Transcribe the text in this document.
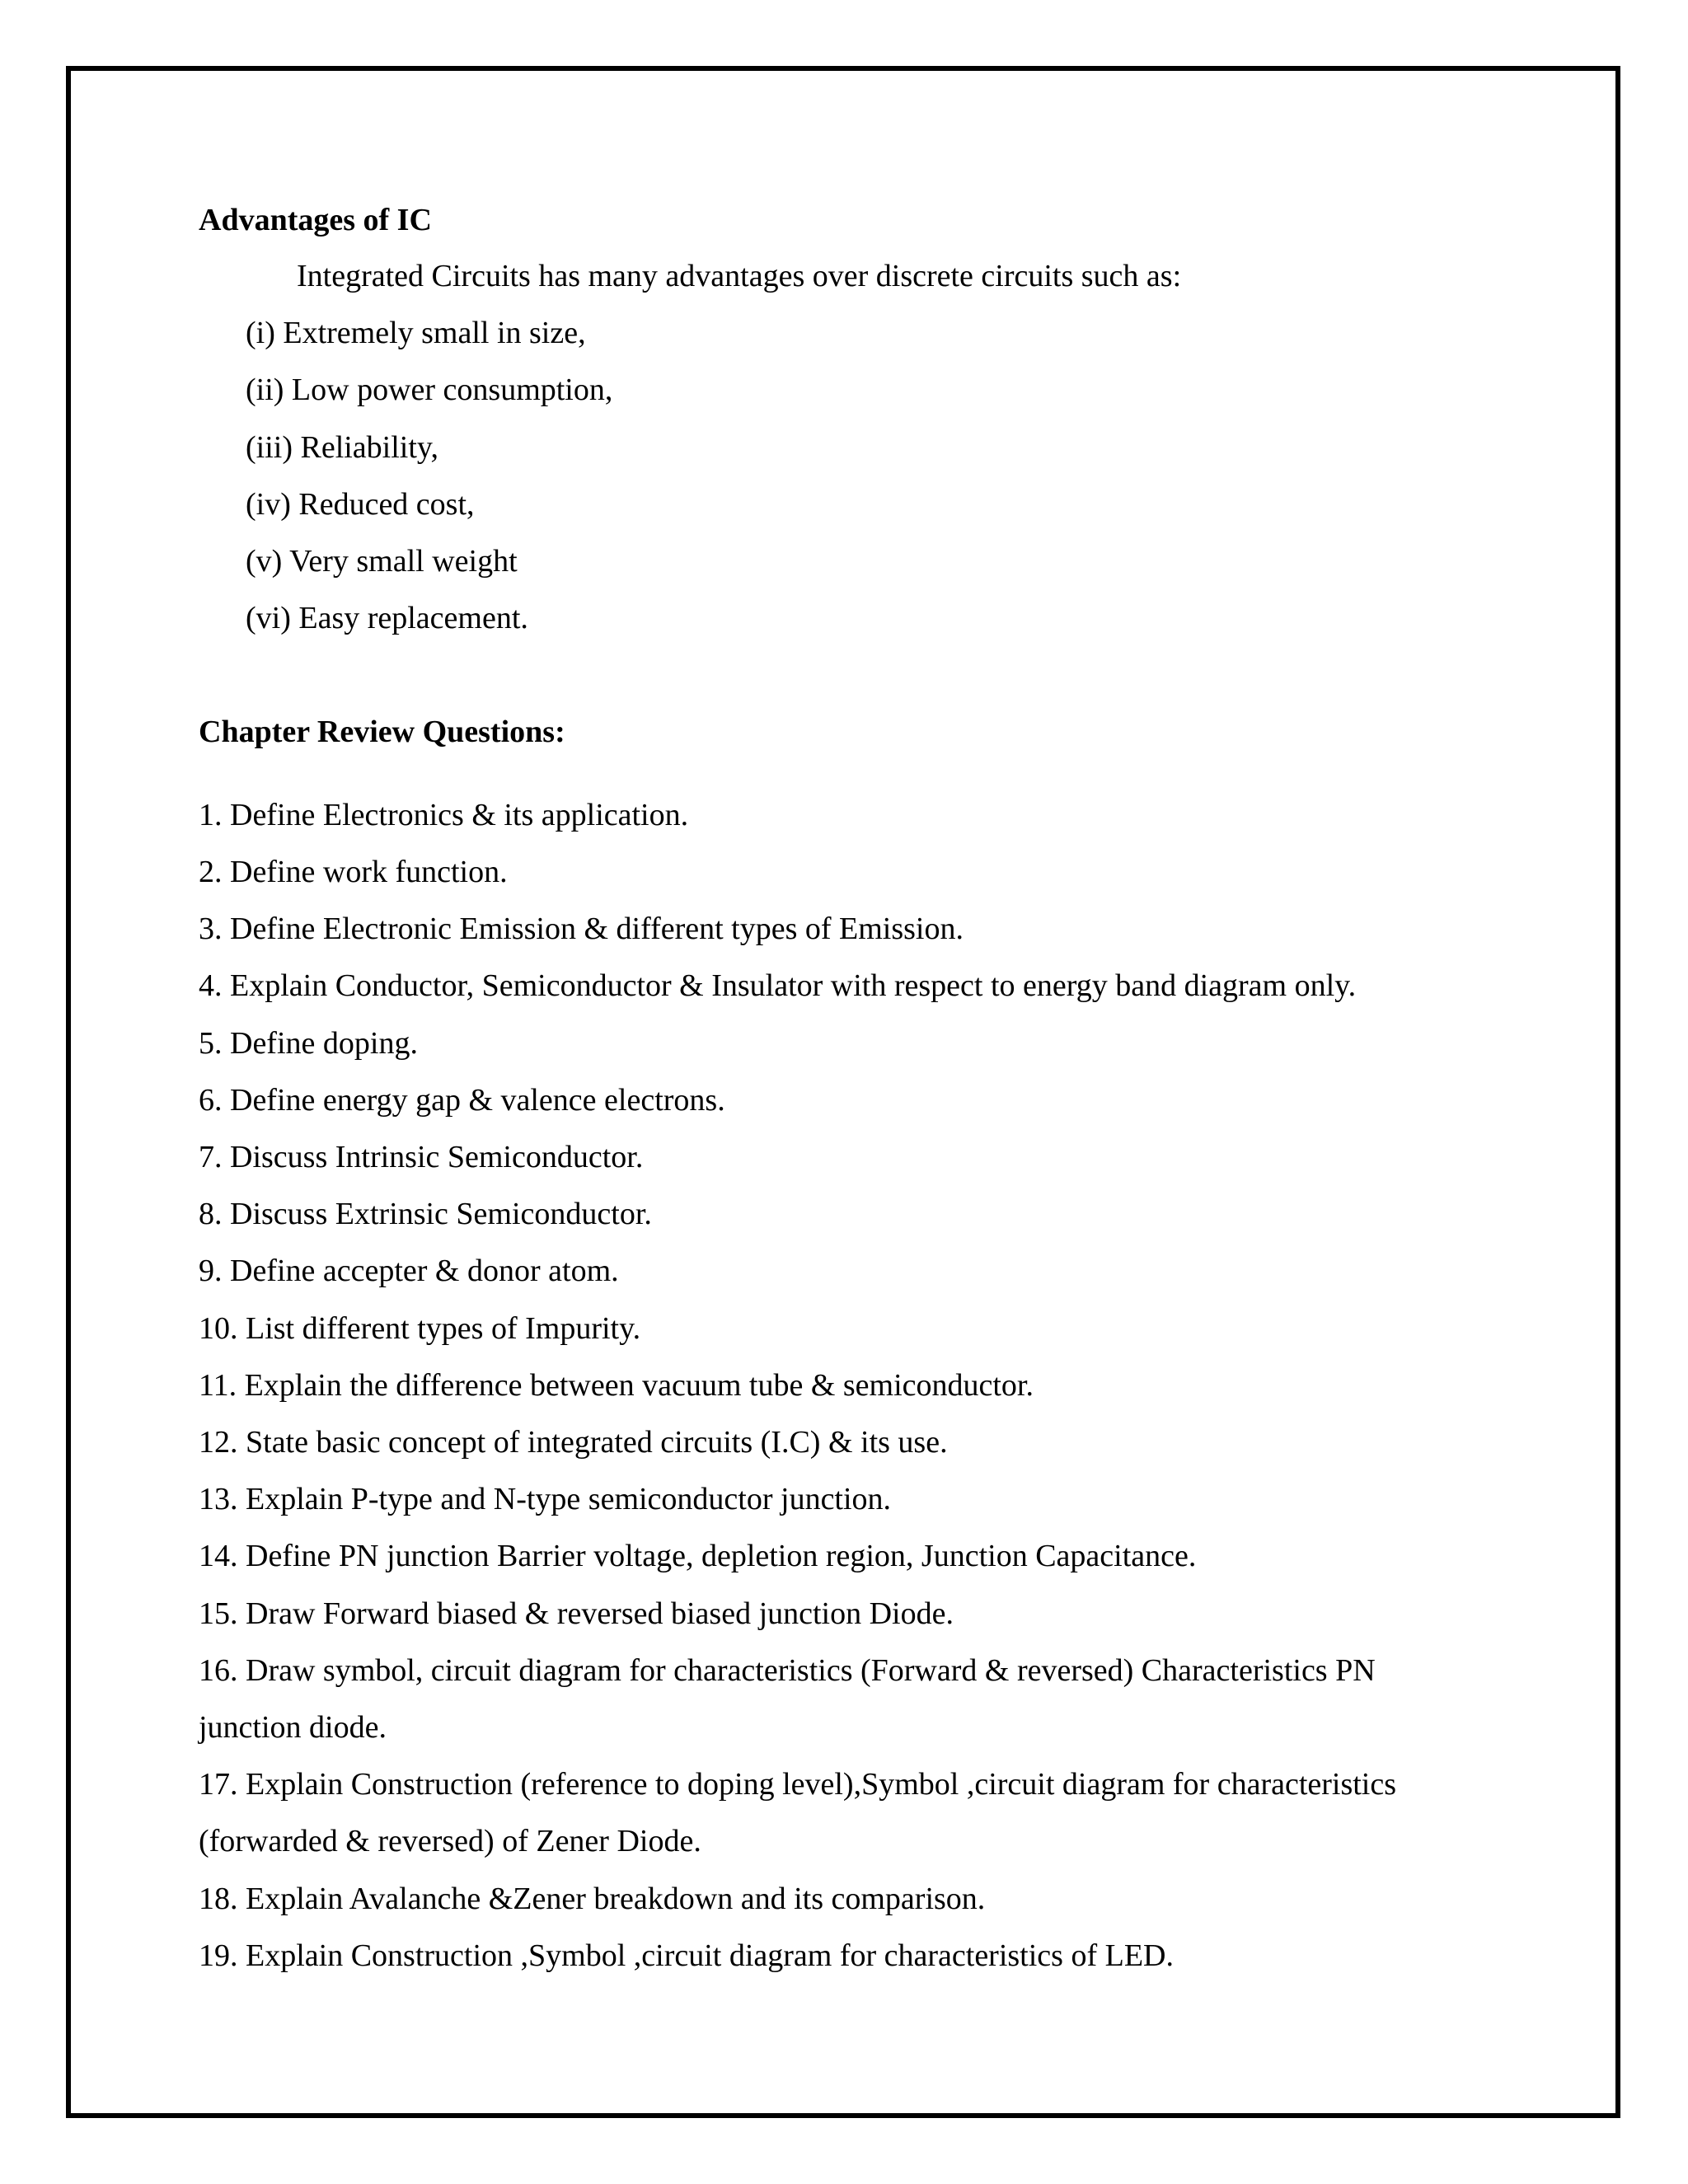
Advantages of IC
Integrated Circuits has many advantages over discrete circuits such as:
(i) Extremely small in size,
(ii) Low power consumption,
(iii) Reliability,
(iv) Reduced cost,
(v) Very small weight
(vi) Easy replacement.
Chapter Review Questions:
1. Define Electronics & its application.
2. Define work function.
3. Define Electronic Emission & different types of Emission.
4. Explain Conductor, Semiconductor & Insulator with respect to energy band diagram only.
5. Define doping.
6. Define energy gap & valence electrons.
7. Discuss Intrinsic Semiconductor.
8. Discuss Extrinsic Semiconductor.
9. Define accepter & donor atom.
10. List different types of Impurity.
11. Explain the difference between vacuum tube & semiconductor.
12. State basic concept of integrated circuits (I.C) & its use.
13. Explain P-type and N-type semiconductor junction.
14. Define PN junction Barrier voltage, depletion region, Junction Capacitance.
15. Draw Forward biased & reversed biased junction Diode.
16. Draw symbol, circuit diagram for characteristics (Forward & reversed) Characteristics PN
junction diode.
17. Explain Construction (reference to doping level),Symbol ,circuit diagram for characteristics
(forwarded & reversed) of Zener Diode.
18. Explain Avalanche &Zener breakdown and its comparison.
19. Explain Construction ,Symbol ,circuit diagram for characteristics of LED.
